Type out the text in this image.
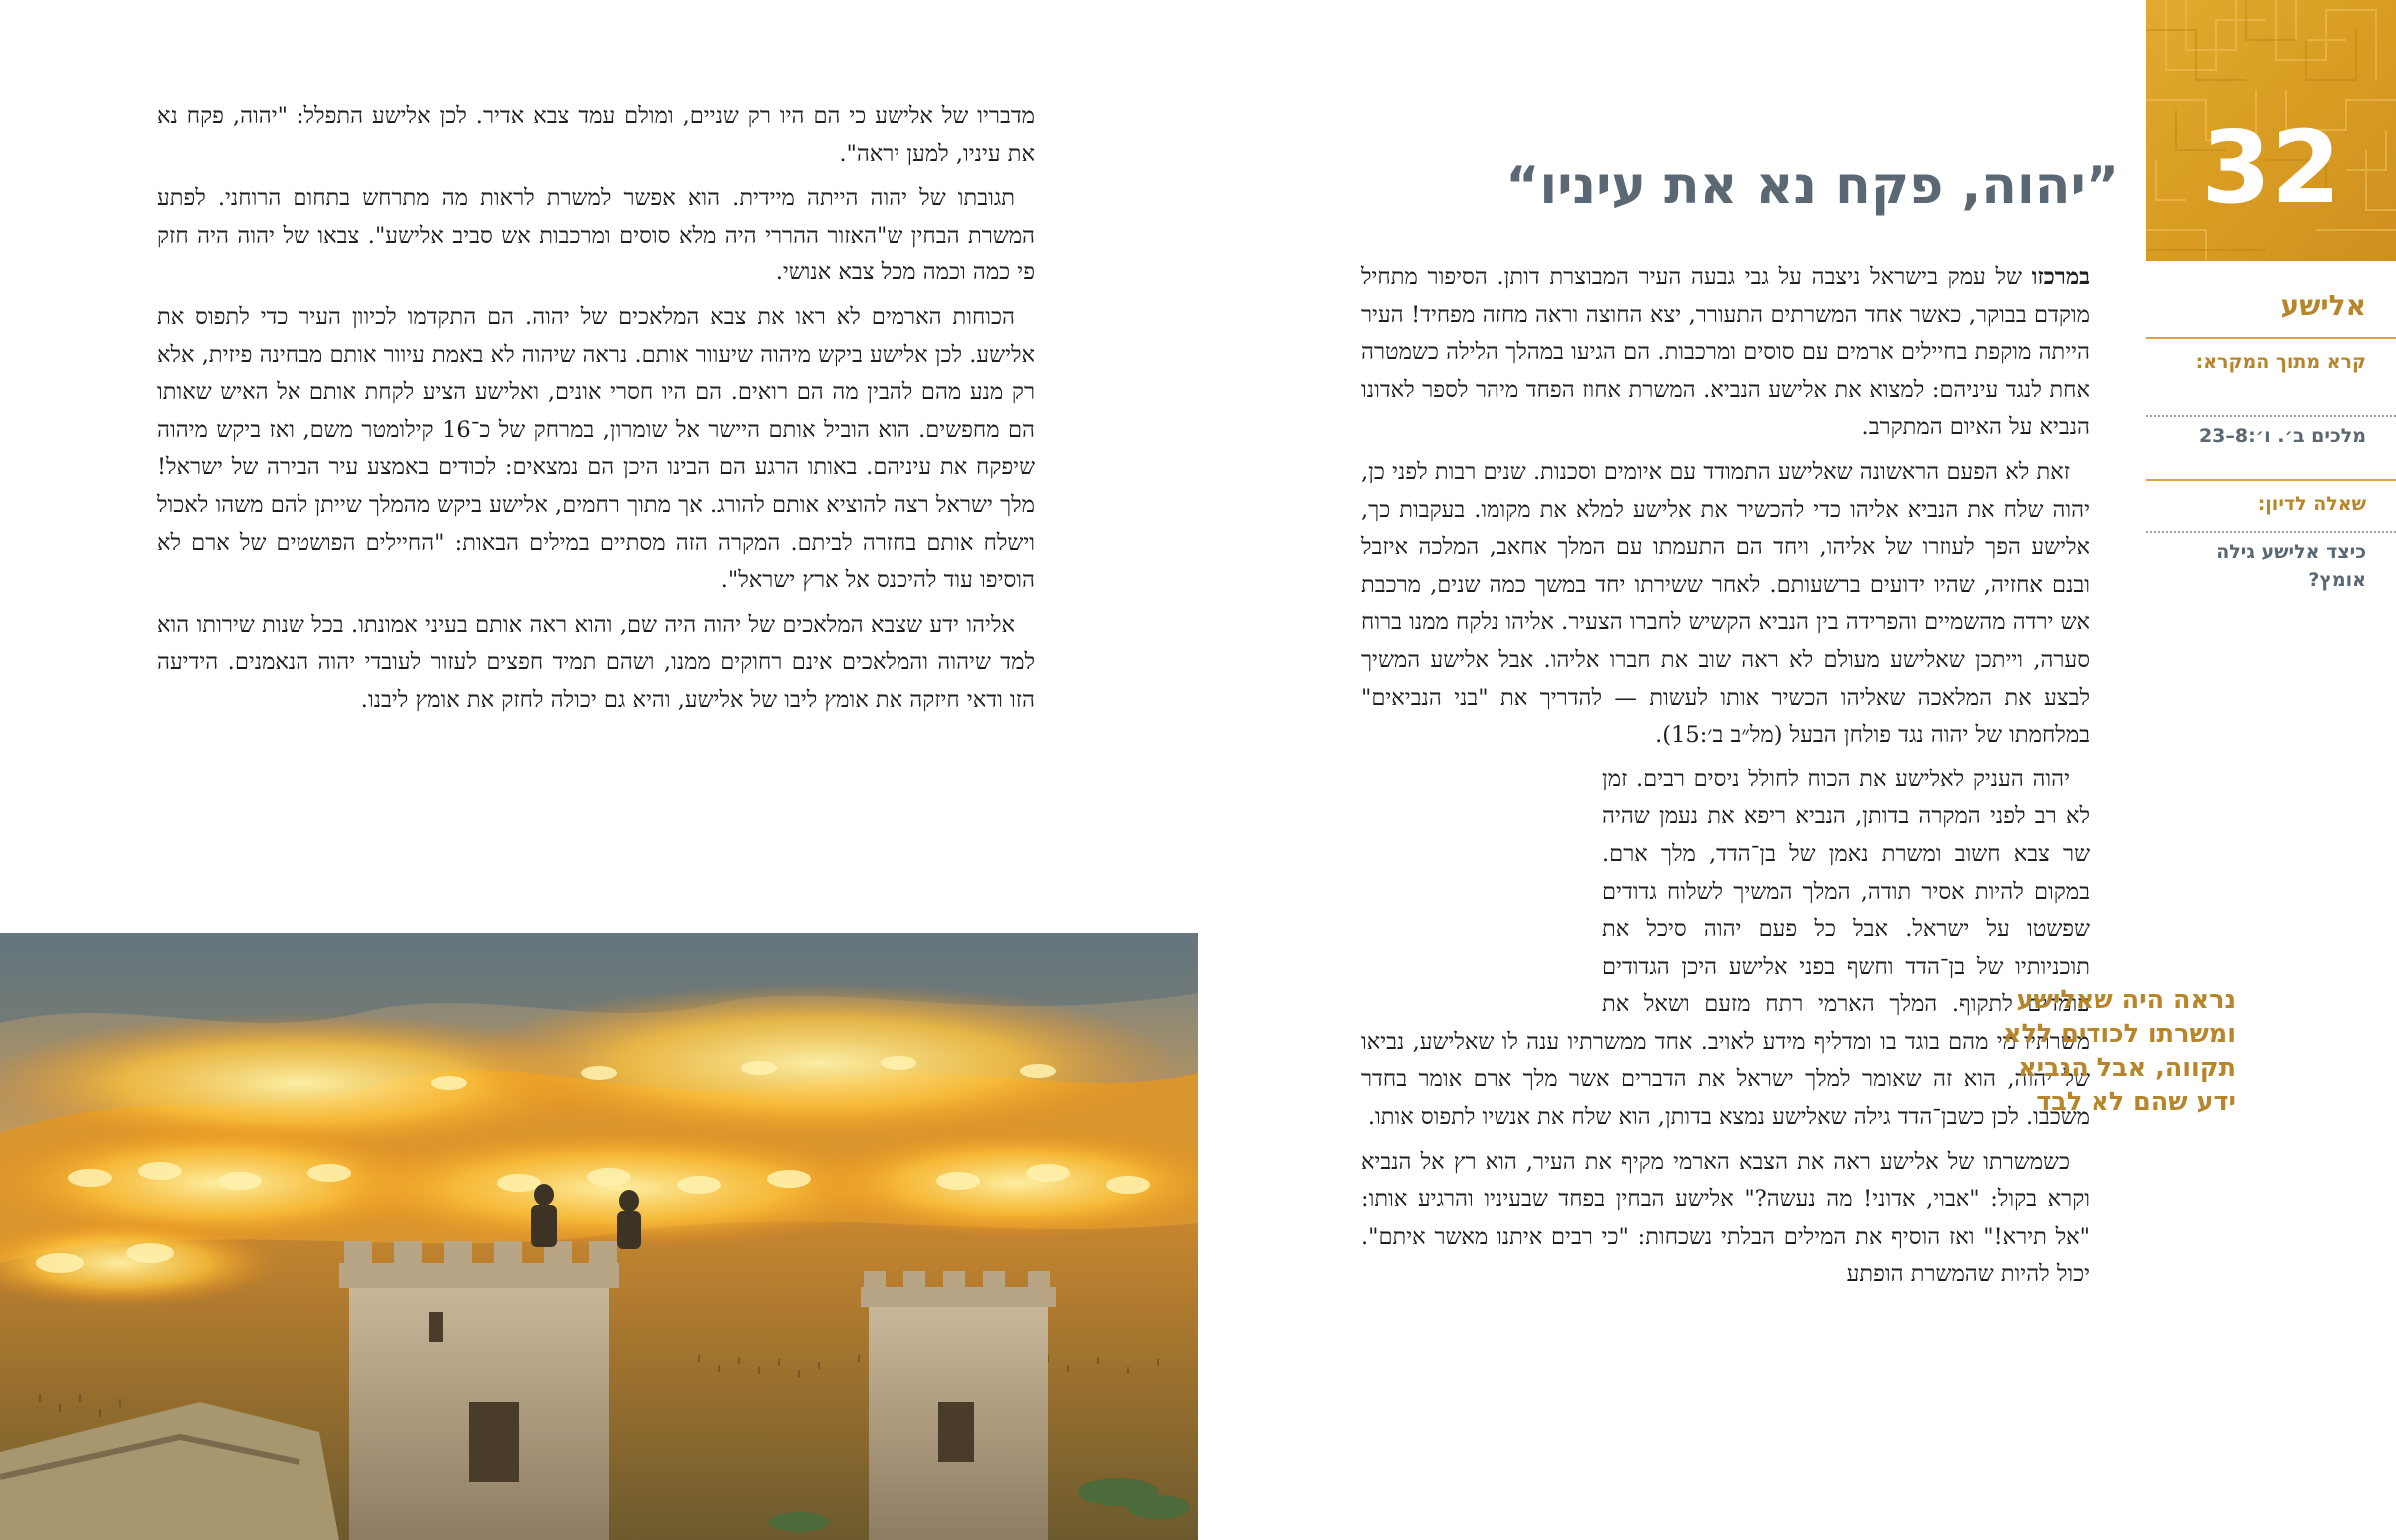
32
אלישע
קרא מתוך המקרא:
מלכים ב׳. ו׳:8–23
שאלה לדיון:
כיצד אלישע גילה אומץ?
”יהוה, פקח נא את עיניו“

במרכזו של עמק בישראל ניצבה על גבי גבעה העיר המבוצרת דותן. הסיפור מתחיל מוקדם בבוקר, כאשר אחד המשרתים התעורר, יצא החוצה וראה מחזה מפחיד! העיר הייתה מוקפת בחיילים ארמים עם סוסים ומרכבות. הם הגיעו במהלך הלילה כשמטרה אחת לנגד עיניהם: למצוא את אלישע הנביא. המשרת אחוז הפחד מיהר לספר לאדונו הנביא על האיום המתקרב.

זאת לא הפעם הראשונה שאלישע התמודד עם איומים וסכנות. שנים רבות לפני כן, יהוה שלח את הנביא אליהו כדי להכשיר את אלישע למלא את מקומו. בעקבות כך, אלישע הפך לעוזרו של אליהו, ויחד הם התעמתו עם המלך אחאב, המלכה איזבל ובנם אחזיה, שהיו ידועים ברשעותם. לאחר ששירתו יחד במשך כמה שנים, מרכבת אש ירדה מהשמיים והפרידה בין הנביא הקשיש לחברו הצעיר. אליהו נלקח ממנו ברוח סערה, וייתכן שאלישע מעולם לא ראה שוב את חברו אליהו. אבל אלישע המשיך לבצע את המלאכה שאליהו הכשיר אותו לעשות — להדריך את "בני הנביאים" במלחמתו של יהוה נגד פולחן הבעל (מל״ב ב׳:15).

יהוה העניק לאלישע את הכוח לחולל ניסים רבים. זמן לא רב לפני המקרה בדותן, הנביא ריפא את נעמן שהיה שר צבא חשוב ומשרת נאמן של בן־הדד, מלך ארם. במקום להיות אסיר תודה, המלך המשיך לשלוח גדודים שפשטו על ישראל. אבל כל פעם יהוה סיכל את תוכניותיו של בן־הדד וחשף בפני אלישע היכן הגדודים עומדים לתקוף. המלך הארמי רתח מזעם ושאל את משרתיו מי מהם בוגד בו ומדליף מידע לאויב. אחד ממשרתיו ענה לו שאלישע, נביאו של יהוה, הוא זה שאומר למלך ישראל את הדברים אשר מלך ארם אומר בחדר משכבו. לכן כשבן־הדד גילה שאלישע נמצא בדותן, הוא שלח את אנשיו לתפוס אותו.

כשמשרתו של אלישע ראה את הצבא הארמי מקיף את העיר, הוא רץ אל הנביא וקרא בקול: "אבוי, אדוני! מה נעשה?" אלישע הבחין בפחד שבעיניו והרגיע אותו: "אל תירא!" ואז הוסיף את המילים הבלתי נשכחות: "כי רבים איתנו מאשר איתם". יכול להיות שהמשרת הופתע

נראה היה שאלישע ומשרתו לכודים ללא תקווה, אבל הנביא ידע שהם לא לבד

מדבריו של אלישע כי הם היו רק שניים, ומולם עמד צבא אדיר. לכן אלישע התפלל: "יהוה, פקח נא את עיניו, למען יראה".

תגובתו של יהוה הייתה מיידית. הוא אפשר למשרת לראות מה מתרחש בתחום הרוחני. לפתע המשרת הבחין ש"האזור ההררי היה מלא סוסים ומרכבות אש סביב אלישע". צבאו של יהוה היה חזק פי כמה וכמה מכל צבא אנושי.

הכוחות הארמים לא ראו את צבא המלאכים של יהוה. הם התקדמו לכיוון העיר כדי לתפוס את אלישע. לכן אלישע ביקש מיהוה שיעוור אותם. נראה שיהוה לא באמת עיוור אותם מבחינה פיזית, אלא רק מנע מהם להבין מה הם רואים. הם היו חסרי אונים, ואלישע הציע לקחת אותם אל האיש שאותו הם מחפשים. הוא הוביל אותם היישר אל שומרון, במרחק של כ־16 קילומטר משם, ואז ביקש מיהוה שיפקח את עיניהם. באותו הרגע הם הבינו היכן הם נמצאים: לכודים באמצע עיר הבירה של ישראל! מלך ישראל רצה להוציא אותם להורג. אך מתוך רחמים, אלישע ביקש מהמלך שייתן להם משהו לאכול וישלח אותם בחזרה לביתם. המקרה הזה מסתיים במילים הבאות: "החיילים הפושטים של ארם לא הוסיפו עוד להיכנס אל ארץ ישראל".

אליהו ידע שצבא המלאכים של יהוה היה שם, והוא ראה אותם בעיני אמונתו. בכל שנות שירותו הוא למד שיהוה והמלאכים אינם רחוקים ממנו, ושהם תמיד חפצים לעזור לעובדי יהוה הנאמנים. הידיעה הזו ודאי חיזקה את אומץ ליבו של אלישע, והיא גם יכולה לחזק את אומץ ליבנו.
